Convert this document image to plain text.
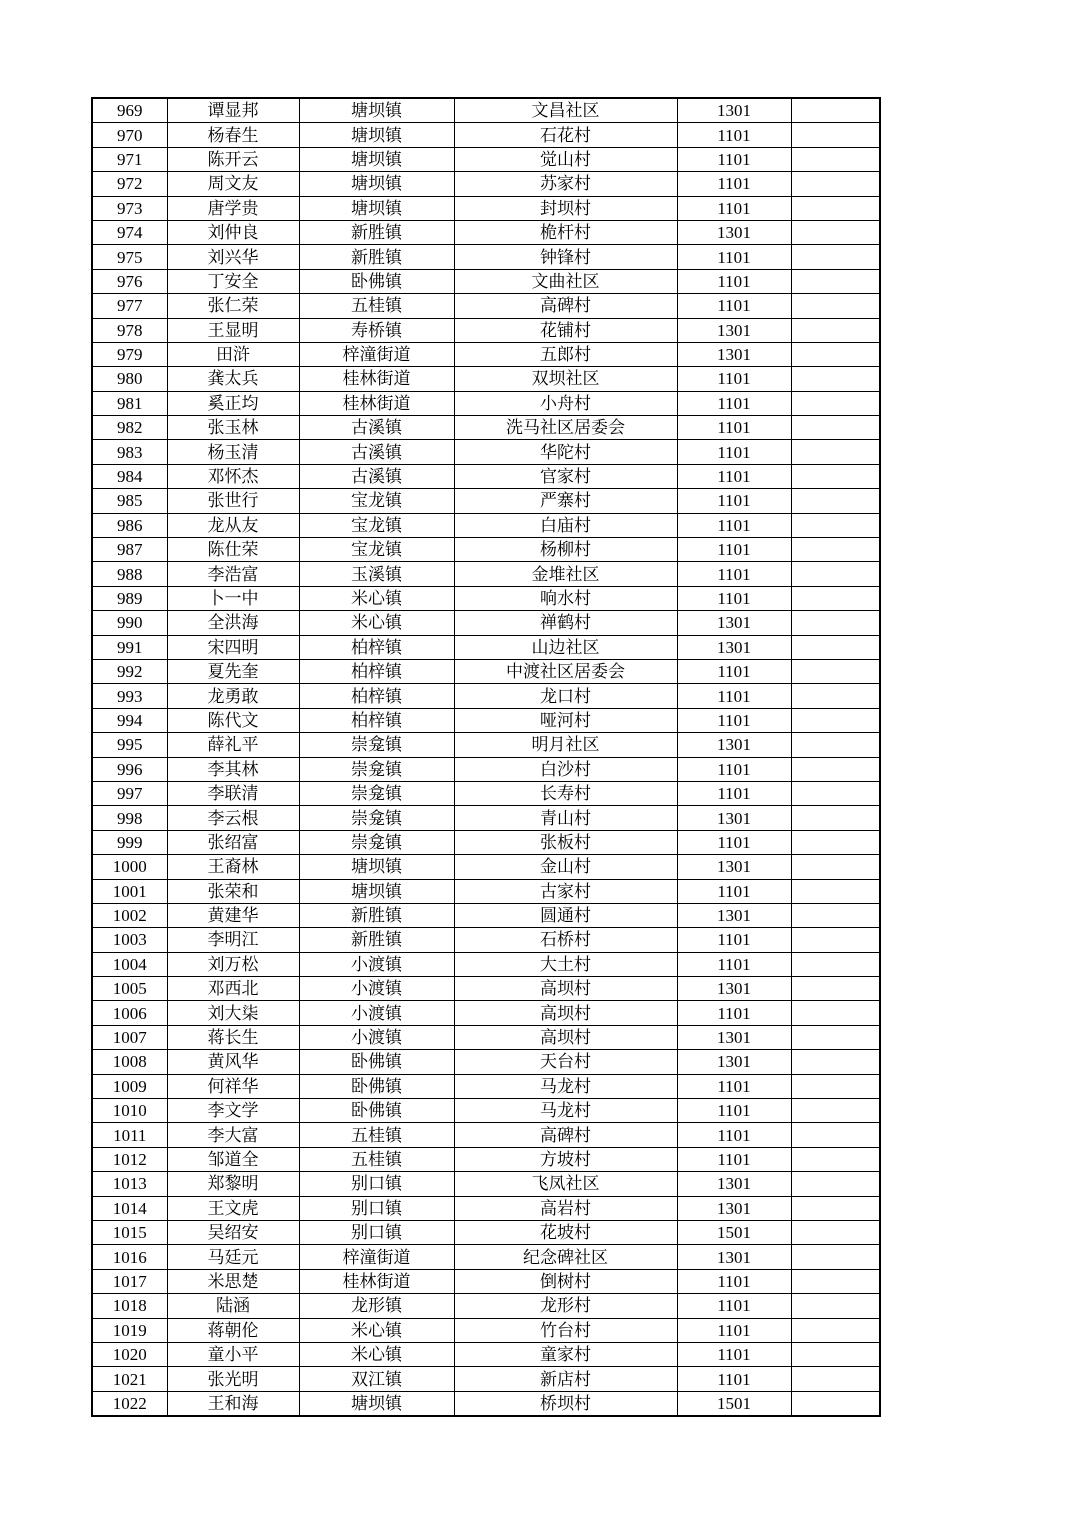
969	谭显邦	塘坝镇	文昌社区	1301	
970	杨春生	塘坝镇	石花村	1101	
971	陈开云	塘坝镇	觉山村	1101	
972	周文友	塘坝镇	苏家村	1101	
973	唐学贵	塘坝镇	封坝村	1101	
974	刘仲良	新胜镇	桅杆村	1301	
975	刘兴华	新胜镇	钟锋村	1101	
976	丁安全	卧佛镇	文曲社区	1101	
977	张仁荣	五桂镇	高碑村	1101	
978	王显明	寿桥镇	花铺村	1301	
979	田浒	梓潼街道	五郎村	1301	
980	龚太兵	桂林街道	双坝社区	1101	
981	奚正均	桂林街道	小舟村	1101	
982	张玉林	古溪镇	洗马社区居委会	1101	
983	杨玉清	古溪镇	华陀村	1101	
984	邓怀杰	古溪镇	官家村	1101	
985	张世行	宝龙镇	严寨村	1101	
986	龙从友	宝龙镇	白庙村	1101	
987	陈仕荣	宝龙镇	杨柳村	1101	
988	李浩富	玉溪镇	金堆社区	1101	
989	卜一中	米心镇	响水村	1101	
990	全洪海	米心镇	禅鹤村	1301	
991	宋四明	柏梓镇	山边社区	1301	
992	夏先奎	柏梓镇	中渡社区居委会	1101	
993	龙勇敢	柏梓镇	龙口村	1101	
994	陈代文	柏梓镇	哑河村	1101	
995	薛礼平	崇龛镇	明月社区	1301	
996	李其林	崇龛镇	白沙村	1101	
997	李联清	崇龛镇	长寿村	1101	
998	李云根	崇龛镇	青山村	1301	
999	张绍富	崇龛镇	张板村	1101	
1000	王裔林	塘坝镇	金山村	1301	
1001	张荣和	塘坝镇	古家村	1101	
1002	黄建华	新胜镇	圆通村	1301	
1003	李明江	新胜镇	石桥村	1101	
1004	刘万松	小渡镇	大土村	1101	
1005	邓西北	小渡镇	高坝村	1301	
1006	刘大柒	小渡镇	高坝村	1101	
1007	蒋长生	小渡镇	高坝村	1301	
1008	黄风华	卧佛镇	天台村	1301	
1009	何祥华	卧佛镇	马龙村	1101	
1010	李文学	卧佛镇	马龙村	1101	
1011	李大富	五桂镇	高碑村	1101	
1012	邹道全	五桂镇	方坡村	1101	
1013	郑黎明	别口镇	飞凤社区	1301	
1014	王文虎	别口镇	高岩村	1301	
1015	吴绍安	别口镇	花坡村	1501	
1016	马廷元	梓潼街道	纪念碑社区	1301	
1017	米思楚	桂林街道	倒树村	1101	
1018	陆涵	龙形镇	龙形村	1101	
1019	蒋朝伦	米心镇	竹台村	1101	
1020	童小平	米心镇	童家村	1101	
1021	张光明	双江镇	新店村	1101	
1022	王和海	塘坝镇	桥坝村	1501	
